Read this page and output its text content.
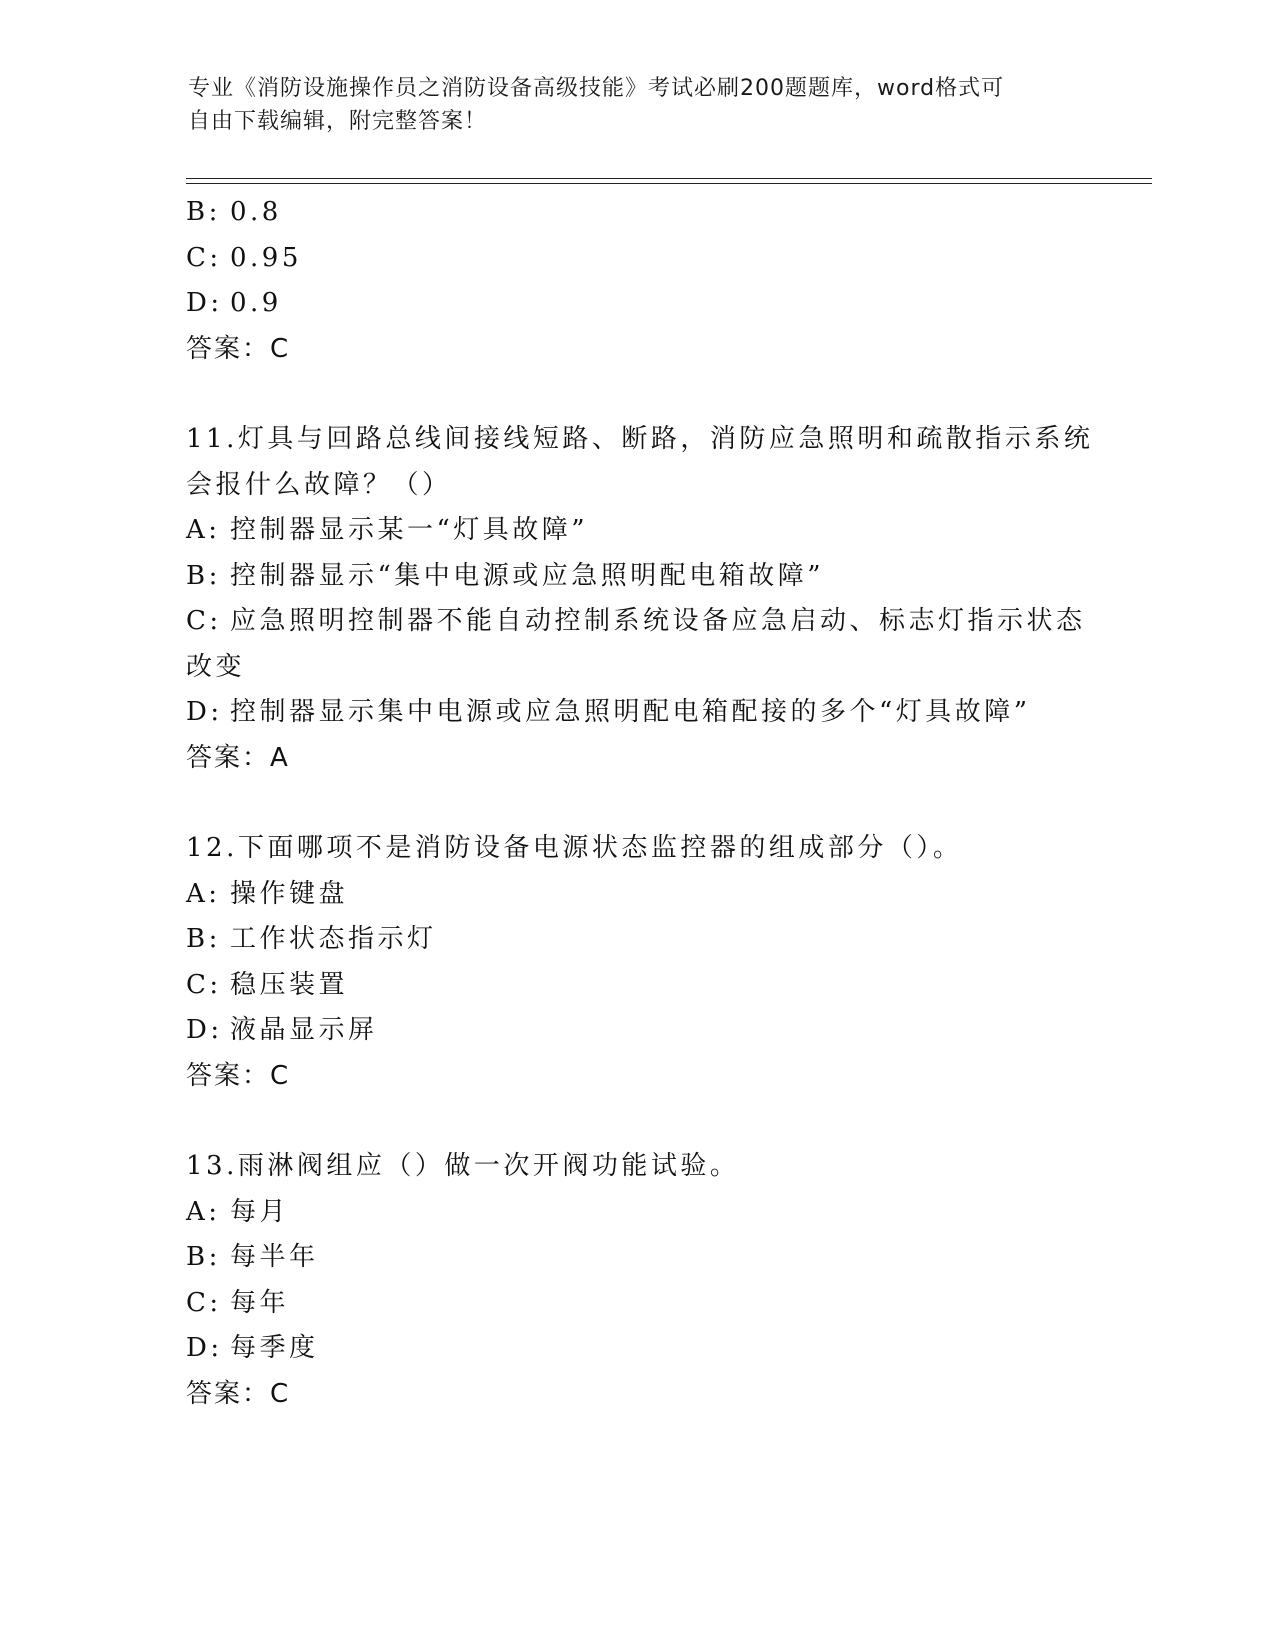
专业《消防设施操作员之消防设备高级技能》考试必刷200题题库，word格式可
自由下载编辑，附完整答案！
B: 0.8
C: 0.95
D: 0.9
答案：C
11.灯具与回路总线间接线短路、断路，消防应急照明和疏散指示系统
会报什么故障？（）
A: 控制器显示某一“灯具故障”
B: 控制器显示“集中电源或应急照明配电箱故障”
C: 应急照明控制器不能自动控制系统设备应急启动、标志灯指示状态
改变
D: 控制器显示集中电源或应急照明配电箱配接的多个“灯具故障”
答案：A
12.下面哪项不是消防设备电源状态监控器的组成部分（）。
A: 操作键盘
B: 工作状态指示灯
C: 稳压装置
D: 液晶显示屏
答案：C
13.雨淋阀组应（）做一次开阀功能试验。
A: 每月
B: 每半年
C: 每年
D: 每季度
答案：C
